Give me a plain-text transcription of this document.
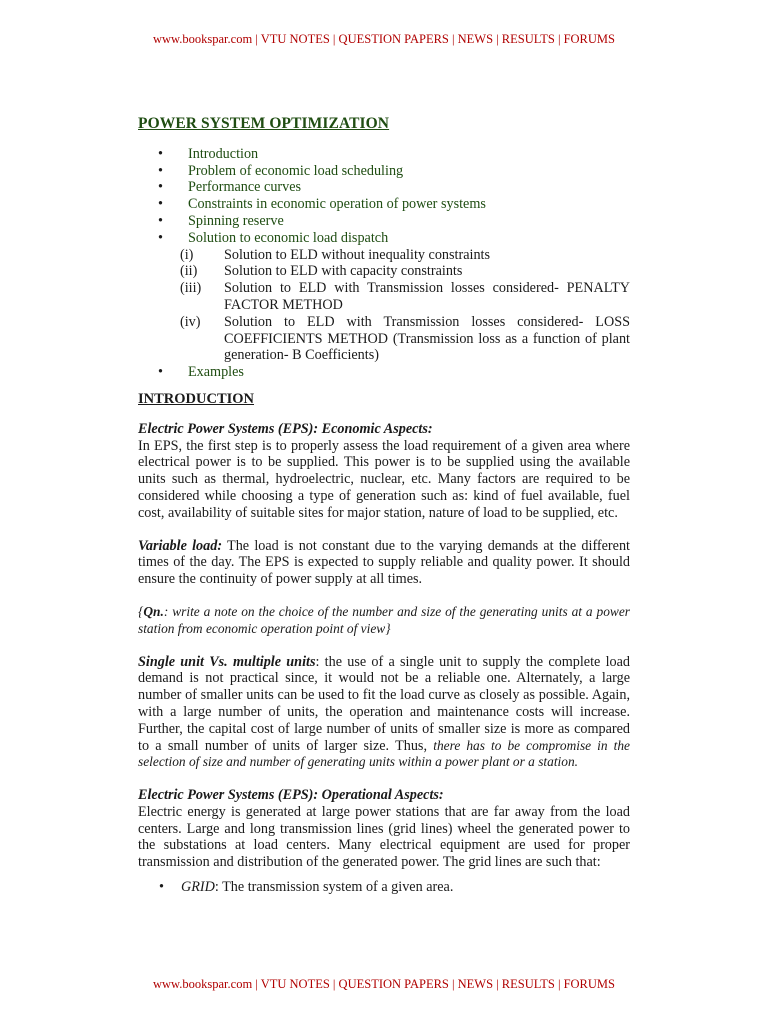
www.bookspar.com | VTU NOTES | QUESTION PAPERS | NEWS | RESULTS | FORUMS
POWER SYSTEM OPTIMIZATION
• Introduction
• Problem of economic load scheduling
• Performance curves
• Constraints in economic operation of power systems
• Spinning reserve
• Solution to economic load dispatch
(i) Solution to ELD without inequality constraints
(ii) Solution to ELD with capacity constraints
(iii) Solution to ELD with Transmission losses considered- PENALTY FACTOR METHOD
(iv) Solution to ELD with Transmission losses considered- LOSS COEFFICIENTS METHOD (Transmission loss as a function of plant generation- B Coefficients)
• Examples
INTRODUCTION

Electric Power Systems (EPS): Economic Aspects:
In EPS, the first step is to properly assess the load requirement of a given area where electrical power is to be supplied. This power is to be supplied using the available units such as thermal, hydroelectric, nuclear, etc. Many factors are required to be considered while choosing a type of generation such as: kind of fuel available, fuel cost, availability of suitable sites for major station, nature of load to be supplied, etc.

Variable load: The load is not constant due to the varying demands at the different times of the day. The EPS is expected to supply reliable and quality power. It should ensure the continuity of power supply at all times.

{Qn.: write a note on the choice of the number and size of the generating units at a power station from economic operation point of view}

Single unit Vs. multiple units: the use of a single unit to supply the complete load demand is not practical since, it would not be a reliable one. Alternately, a large number of smaller units can be used to fit the load curve as closely as possible. Again, with a large number of units, the operation and maintenance costs will increase. Further, the capital cost of large number of units of smaller size is more as compared to a small number of units of larger size. Thus, there has to be compromise in the selection of size and number of generating units within a power plant or a station.

Electric Power Systems (EPS): Operational Aspects:
Electric energy is generated at large power stations that are far away from the load centers. Large and long transmission lines (grid lines) wheel the generated power to the substations at load centers. Many electrical equipment are used for proper transmission and distribution of the generated power. The grid lines are such that:

• GRID: The transmission system of a given area.
www.bookspar.com | VTU NOTES | QUESTION PAPERS | NEWS | RESULTS | FORUMS
